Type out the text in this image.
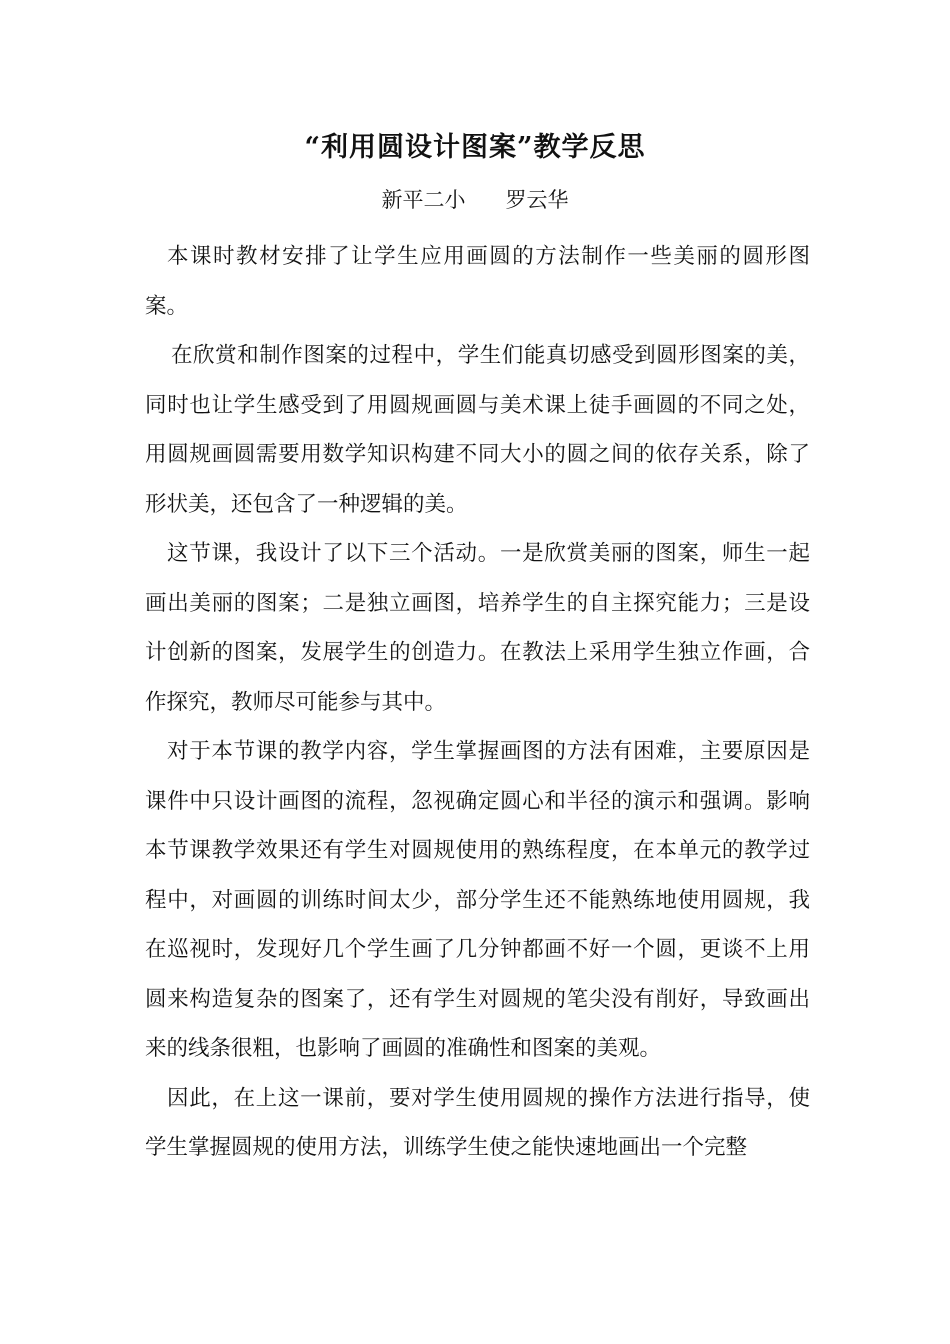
“利用圆设计图案”教学反思
新平二小      罗云华

本课时教材安排了让学生应用画圆的方法制作一些美丽的圆形图案。

在欣赏和制作图案的过程中，学生们能真切感受到圆形图案的美，同时也让学生感受到了用圆规画圆与美术课上徒手画圆的不同之处，用圆规画圆需要用数学知识构建不同大小的圆之间的依存关系，除了形状美，还包含了一种逻辑的美。

这节课，我设计了以下三个活动。一是欣赏美丽的图案，师生一起画出美丽的图案；二是独立画图，培养学生的自主探究能力；三是设计创新的图案，发展学生的创造力。在教法上采用学生独立作画，合作探究，教师尽可能参与其中。

对于本节课的教学内容，学生掌握画图的方法有困难，主要原因是课件中只设计画图的流程，忽视确定圆心和半径的演示和强调。影响本节课教学效果还有学生对圆规使用的熟练程度，在本单元的教学过程中，对画圆的训练时间太少，部分学生还不能熟练地使用圆规，我在巡视时，发现好几个学生画了几分钟都画不好一个圆，更谈不上用圆来构造复杂的图案了，还有学生对圆规的笔尖没有削好，导致画出来的线条很粗，也影响了画圆的准确性和图案的美观。

因此，在上这一课前，要对学生使用圆规的操作方法进行指导，使学生掌握圆规的使用方法，训练学生使之能快速地画出一个完整
